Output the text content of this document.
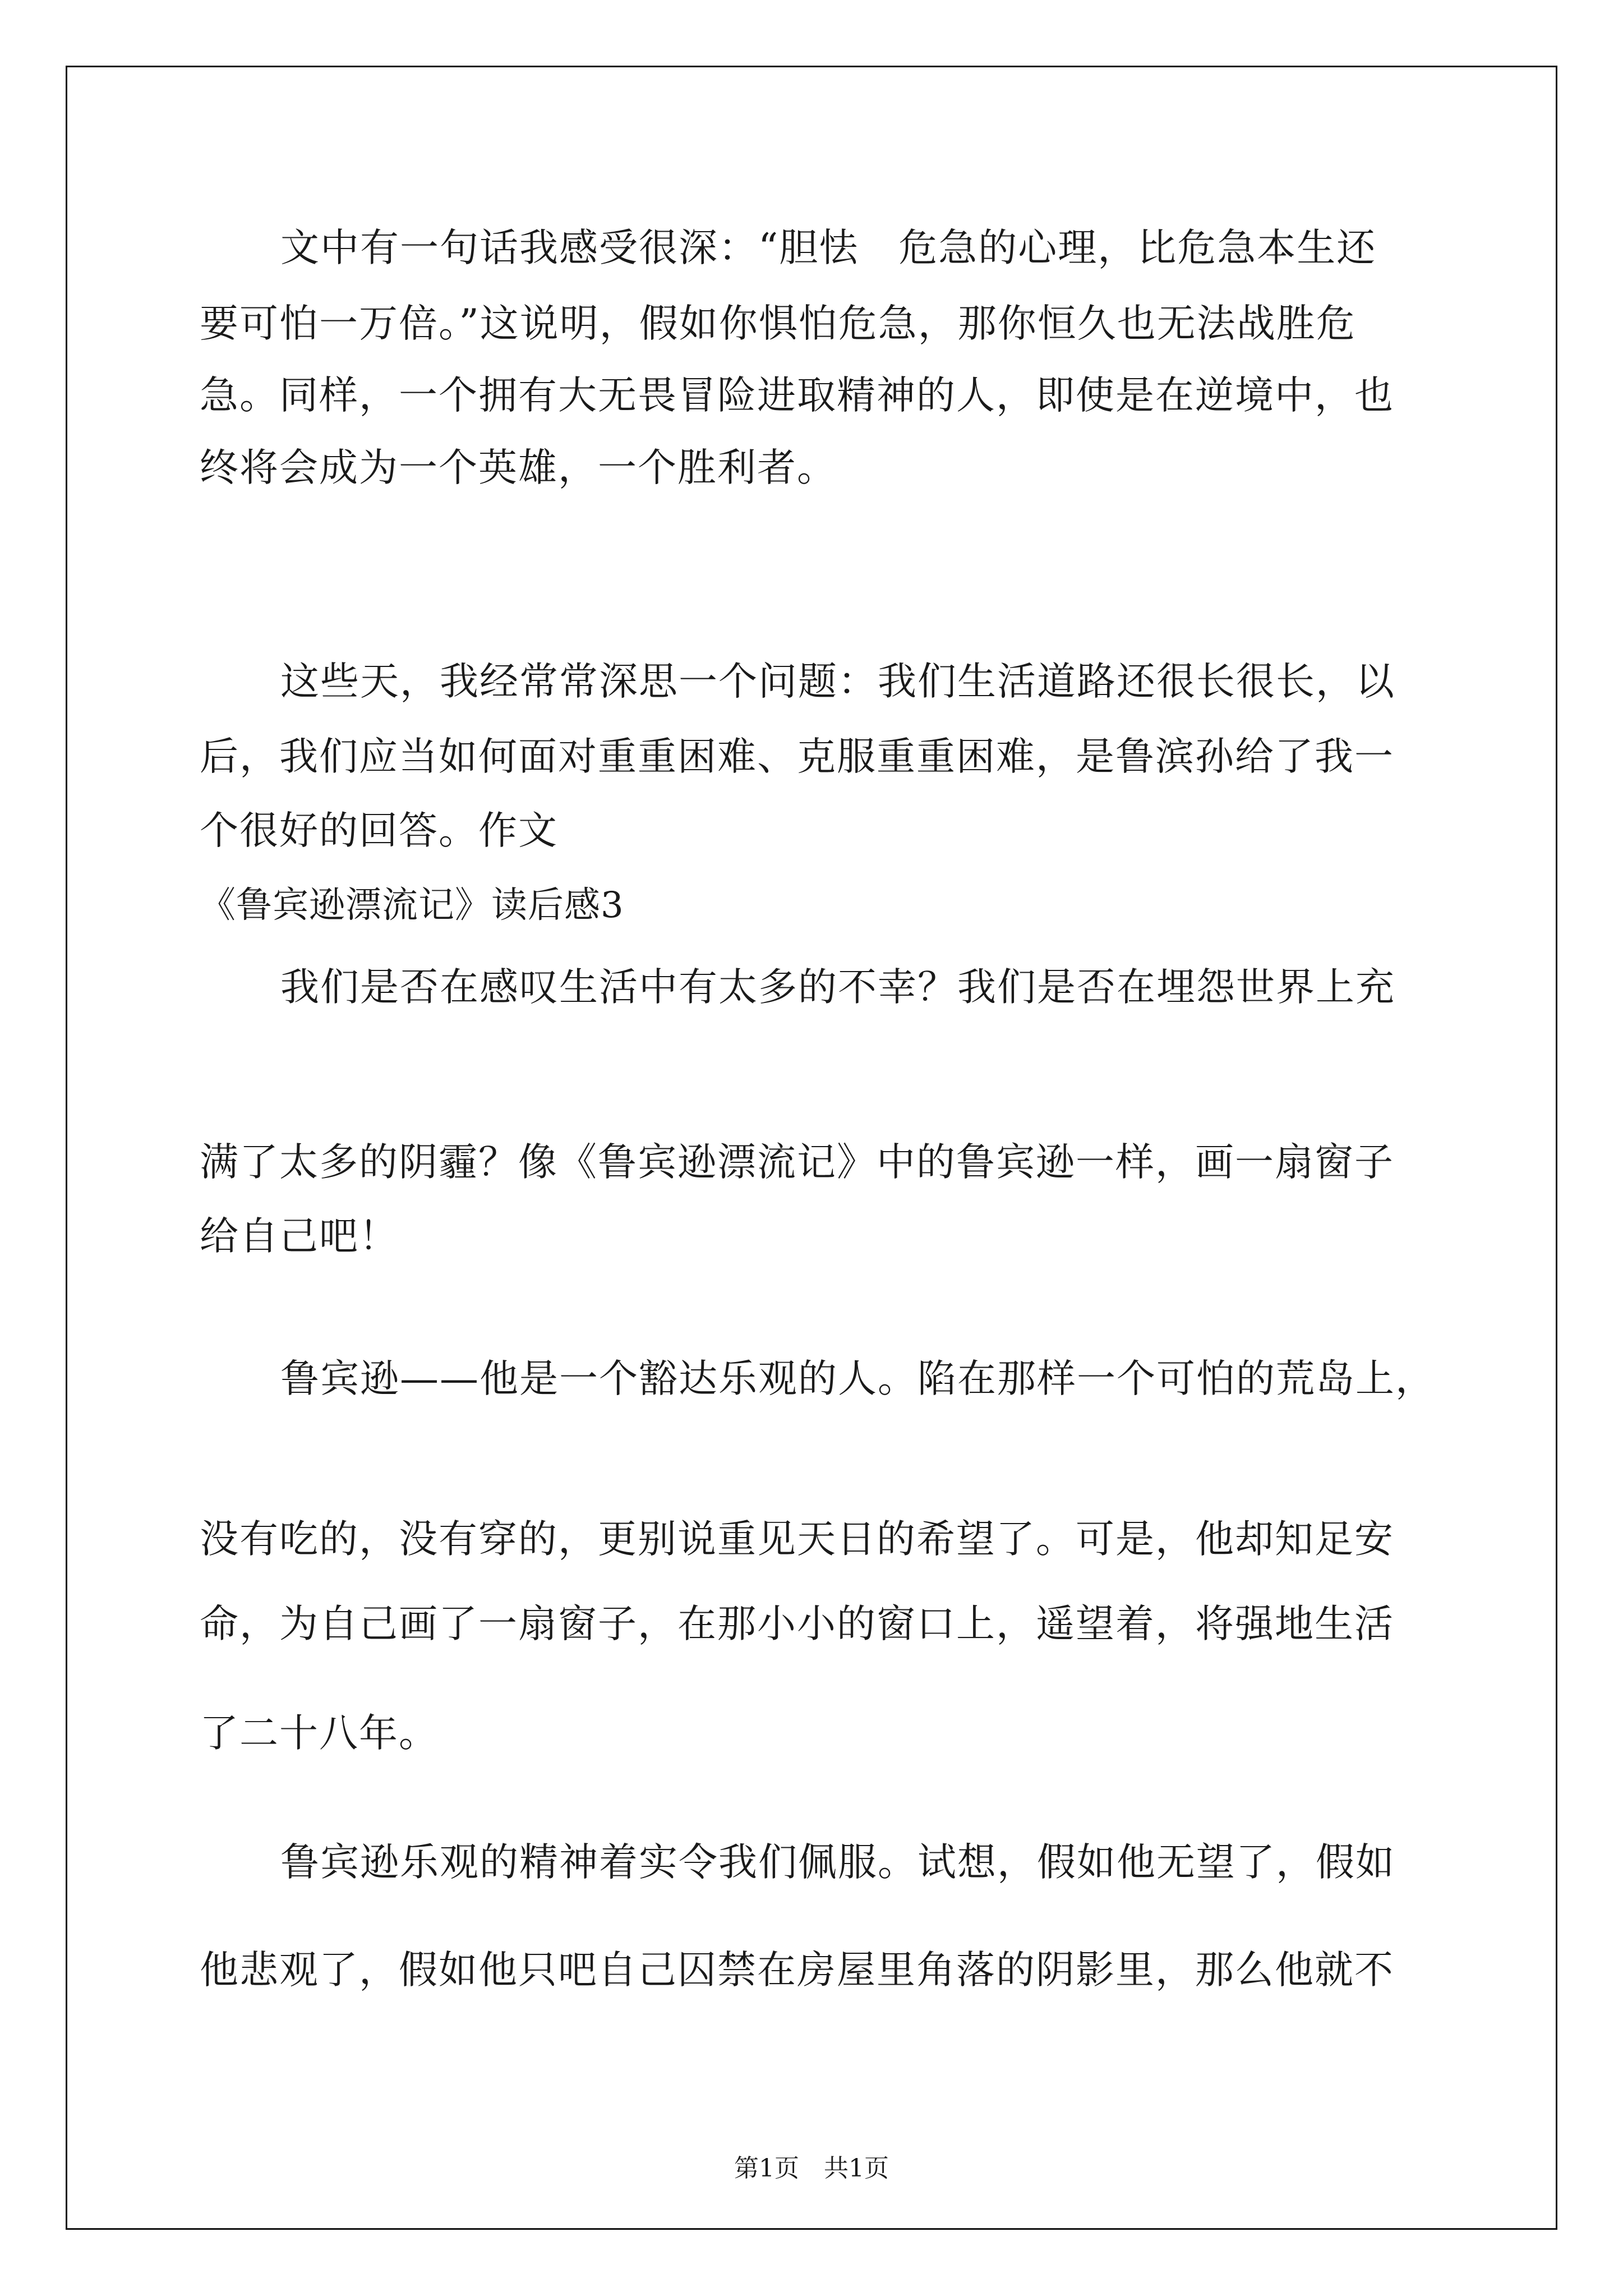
文中有一句话我感受很深：“胆怯　危急的心理，比危急本生还
要可怕一万倍。”这说明，假如你惧怕危急，那你恒久也无法战胜危
急。同样，一个拥有大无畏冒险进取精神的人，即使是在逆境中，也
终将会成为一个英雄，一个胜利者。
这些天，我经常常深思一个问题：我们生活道路还很长很长，以
后，我们应当如何面对重重困难、克服重重困难，是鲁滨孙给了我一
个很好的回答。作文
《鲁宾逊漂流记》读后感3
我们是否在感叹生活中有太多的不幸？我们是否在埋怨世界上充
满了太多的阴霾？像《鲁宾逊漂流记》中的鲁宾逊一样，画一扇窗子
给自己吧！
鲁宾逊——他是一个豁达乐观的人。陷在那样一个可怕的荒岛上，
没有吃的，没有穿的，更别说重见天日的希望了。可是，他却知足安
命，为自己画了一扇窗子，在那小小的窗口上，遥望着，将强地生活
了二十八年。
鲁宾逊乐观的精神着实令我们佩服。试想，假如他无望了，假如
他悲观了，假如他只吧自己囚禁在房屋里角落的阴影里，那么他就不
第1页　共1页
